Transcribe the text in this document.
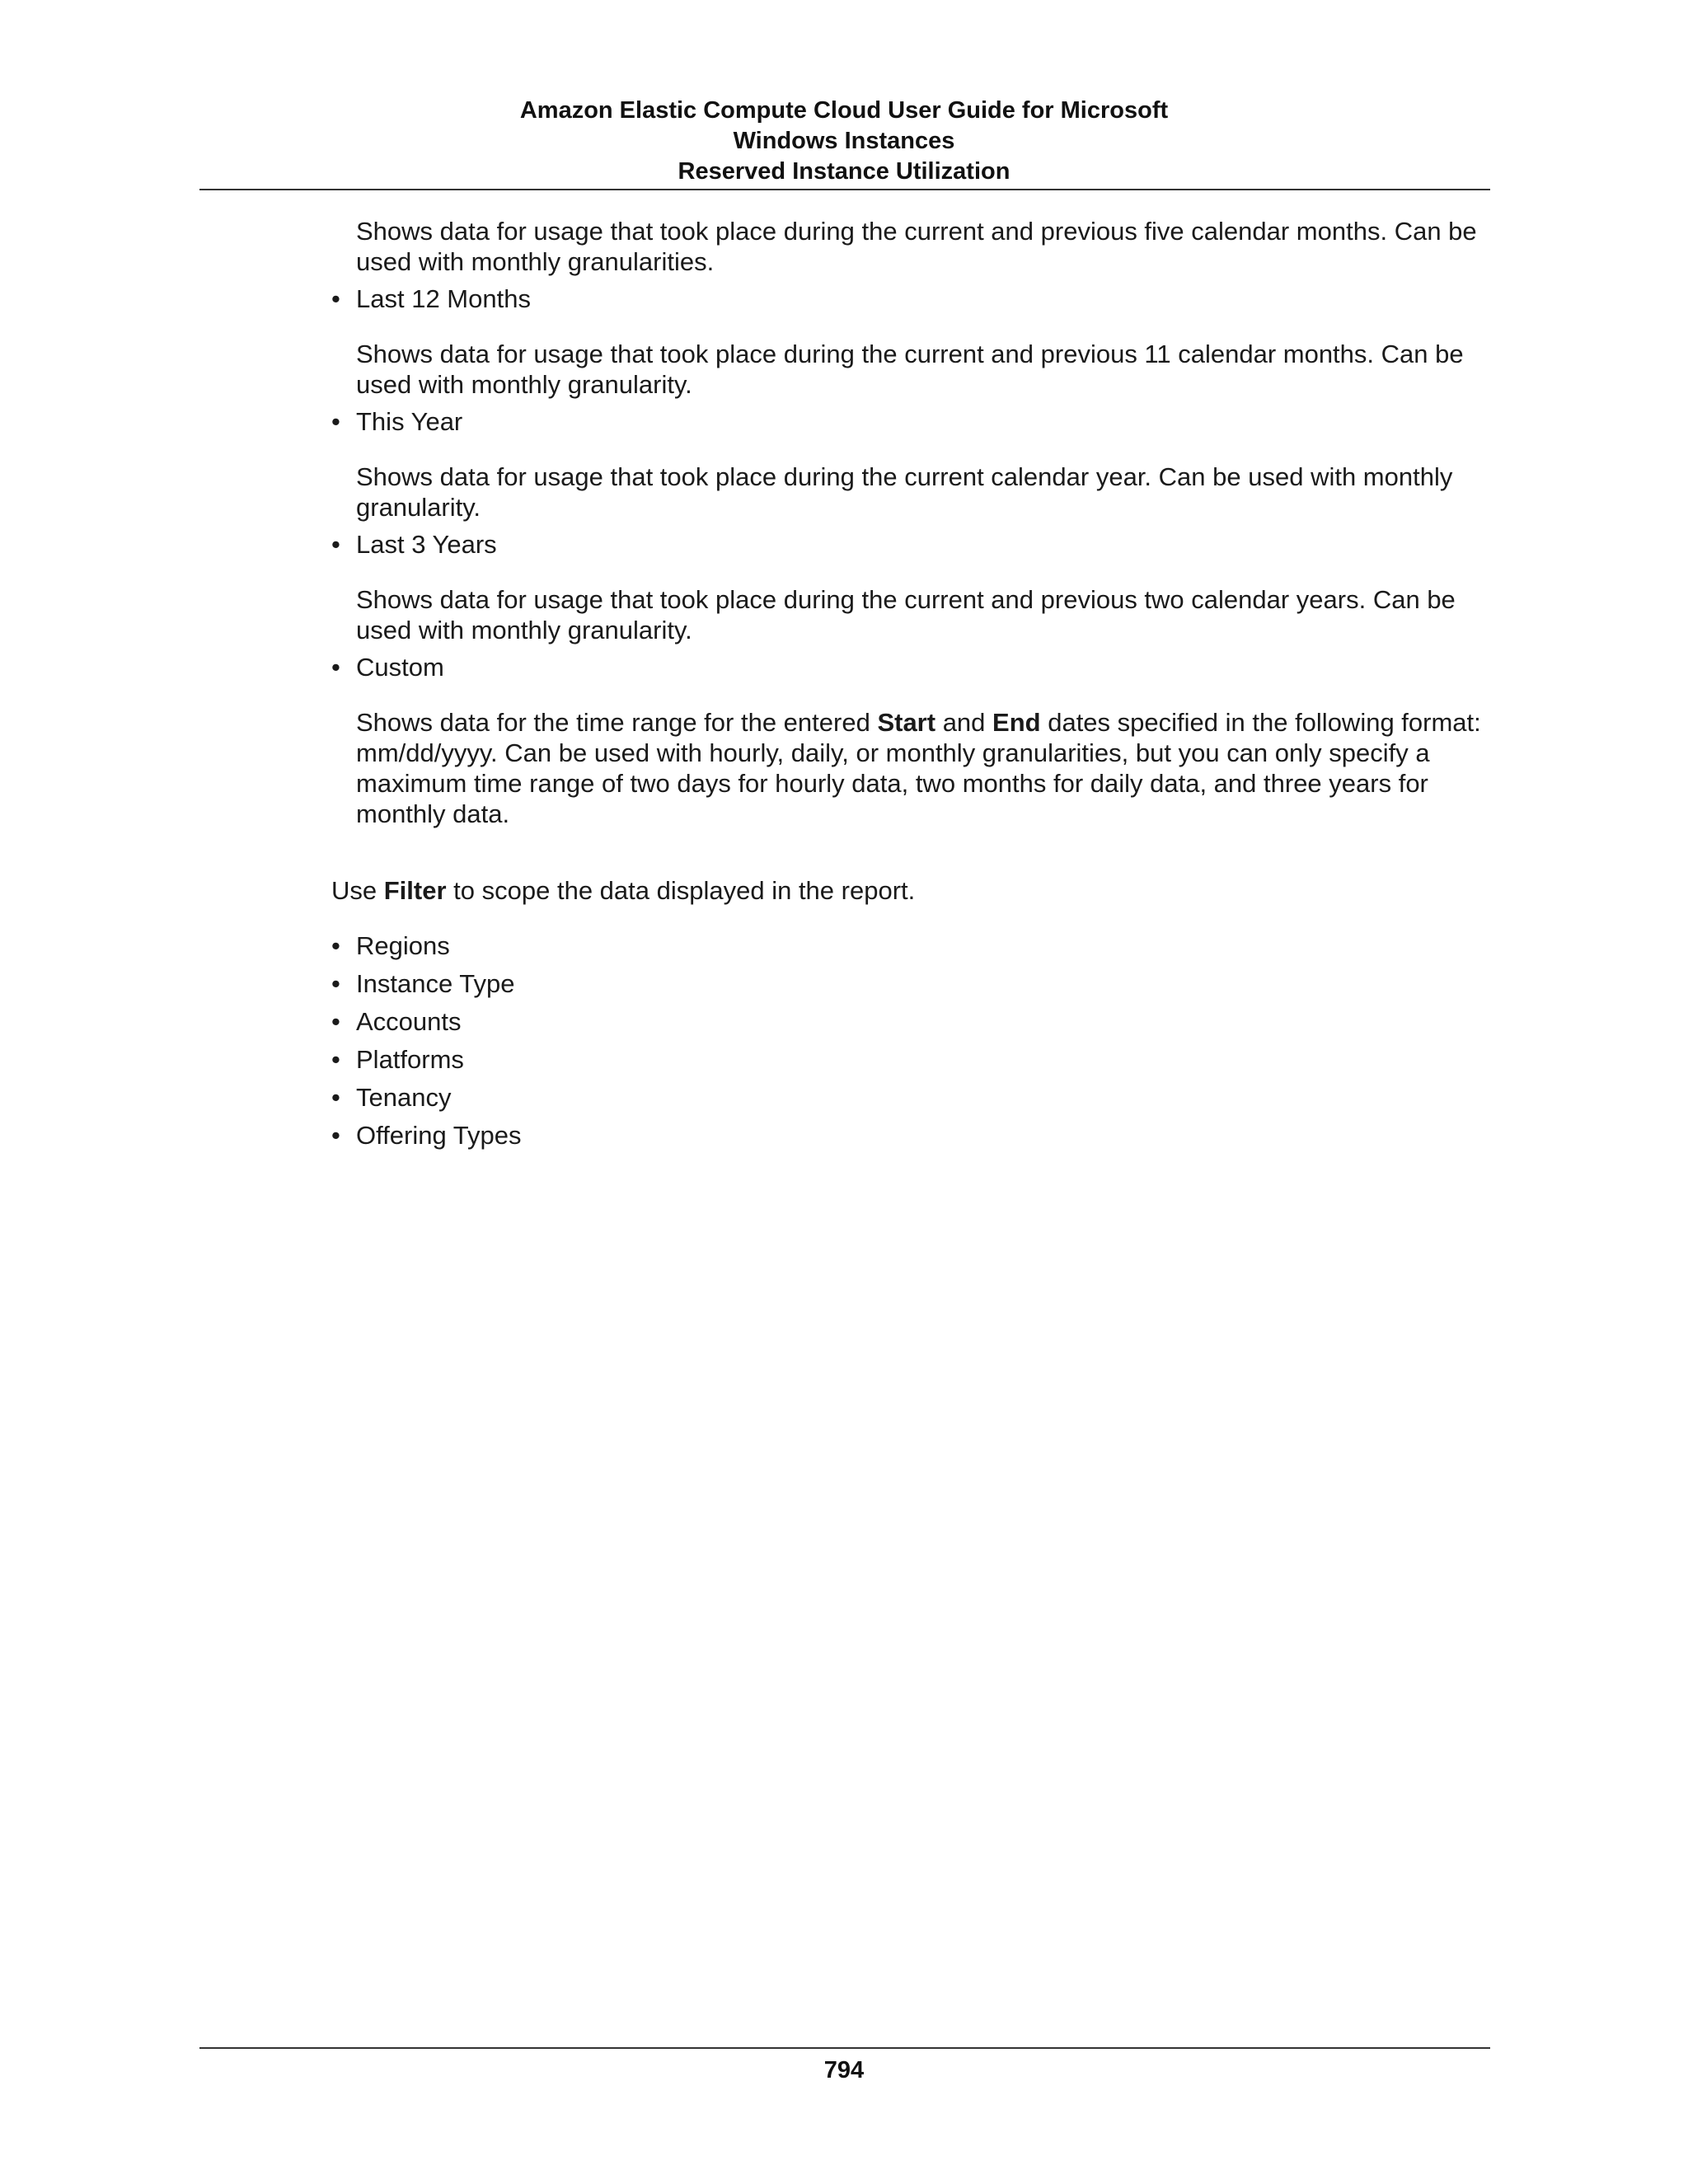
Amazon Elastic Compute Cloud User Guide for Microsoft
Windows Instances
Reserved Instance Utilization

Shows data for usage that took place during the current and previous five calendar months. Can be used with monthly granularities.

• Last 12 Months

Shows data for usage that took place during the current and previous 11 calendar months. Can be used with monthly granularity.

• This Year

Shows data for usage that took place during the current calendar year. Can be used with monthly granularity.

• Last 3 Years

Shows data for usage that took place during the current and previous two calendar years. Can be used with monthly granularity.

• Custom

Shows data for the time range for the entered Start and End dates specified in the following format: mm/dd/yyyy. Can be used with hourly, daily, or monthly granularities, but you can only specify a maximum time range of two days for hourly data, two months for daily data, and three years for monthly data.

Use Filter to scope the data displayed in the report.

• Regions
• Instance Type
• Accounts
• Platforms
• Tenancy
• Offering Types
794
